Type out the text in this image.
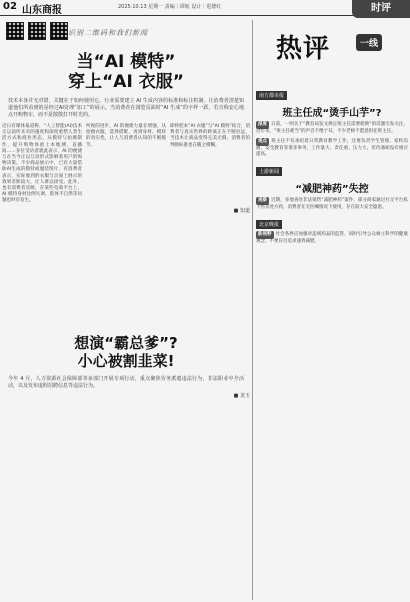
02 山东商报	2025.10.13 星期一 责编｜谭航 设计｜进德红	时评
识别二维码和我们新闻
当“AI 模特”
穿上“AI 衣服”

技术本身并无对错，关键在于如何使用它。行业需要建立 AI 生成内容的标准和标注机制，让消费者清楚知道他们所看到的是经过AI处理“加工”的展示。当消费者在浏览页面时“AI 生成”的字样一跃，若宣称安心地点开购物车，而不是散散打开时光的。

近日有媒体报道称，“人工智能(AI)技术正以前所未有的速度和深度重塑人类生活方式和商业形态，从模特与拍摄制作，提升购物体验上本地测，直播间……多位受访者就此表示，AI 的便捷与在当今正以互动形式影响着用户的购物决策。不少商品展示中，已有大量借助AI生成的模特或服装图片，有消费者表示，实际收到的衣服与页面上展示的效果差距较大，让人难以接受。此外，也有消费者反映，在某些电商平台上，AI 模特身材比例失调、肢体不自然等问题也时有发生。

所视的进步，AI 的便捷力量在增强，从拍摄衣服，选择搭配，再到身材、模样的真实性，让人与消费者认知的不断脱节。

即将把本“AI 衣服”与“AI 模特”结合，消费者与真实世界的距离正在不断拉远，当技术让商品变得完美无瑕，消费者的判断标准也在随之模糊。

■ 知道
想演“霸总爹”?
小心被割韭菜!

今年 4 月，人力资源社会保障部等多部门开展专项行动，重点聚焦劳务派遣违法行为，非法职业中介活动，以及发布虚假招聘信息等违法行为。

■ 龙玉
热评	一线
南方都市报
班主任成“烫手山芋”?

深度 日前，一则关于“教育局发文规定班主任需要轮换”的话题引发关注，近年来，“班主任难当”的声音不绝于耳，不少老师不愿意担任班主任。

观点 班主任不仅承担着日常教育教学工作，还要负责学生管理、家校沟通、安全教育等诸多事务，工作量大、责任重、压力大，但待遇却没有相应提高。

上游新闻
“减肥神药”失控

观察 近期，多地查处非法销售“减肥神药”案件，部分商家通过社交平台私下售卖处方药，消费者在无医嘱情况下使用，存在较大安全隐患。

北京晚报

新视野 社会各界应加强对违规药品的监管，同时引导公众树立科学的健康观念，不要盲目追求速效减肥。
